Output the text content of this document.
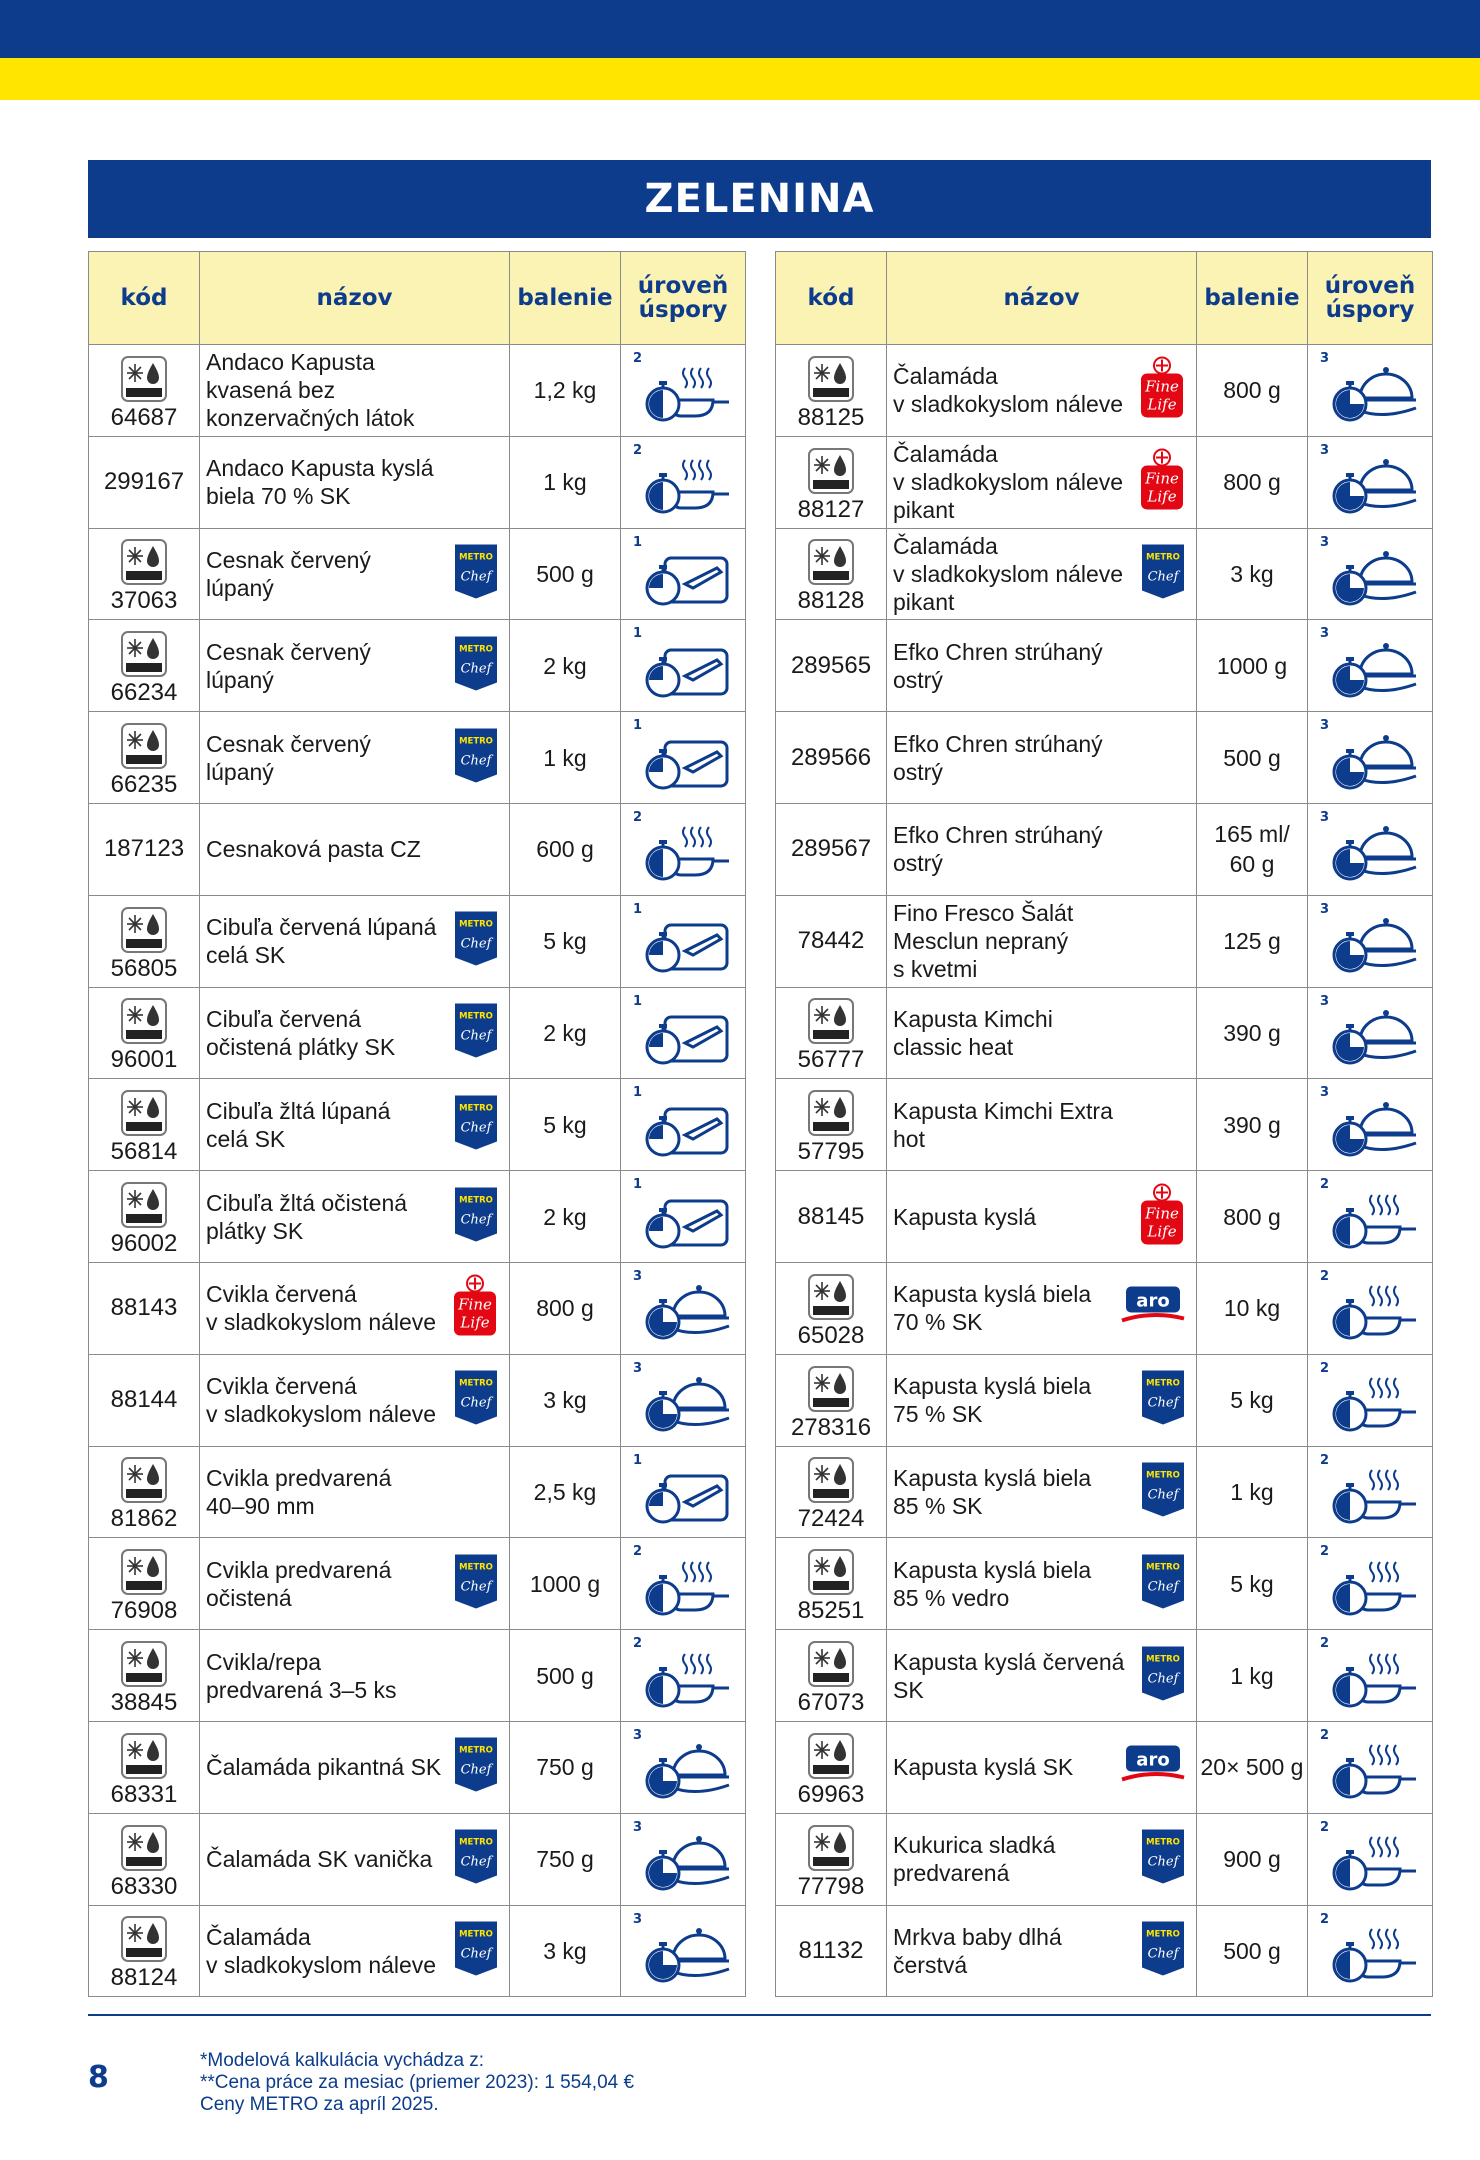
ZELENINA
kód	názov	balenie	úroveň
úspory

64687	Andaco Kapusta
kvasená bez
konzervačných látok	1,2 kg	2

299167	Andaco Kapusta kyslá
biela 70 % SK	1 kg	2

37063	Cesnak červený
lúpaný
METRO
Chef	500 g	1

66234	Cesnak červený
lúpaný
METRO
Chef	2 kg	1

66235	Cesnak červený
lúpaný
METRO
Chef	1 kg	1

187123	Cesnaková pasta CZ	600 g	2

56805	Cibuľa červená lúpaná
celá SK
METRO
Chef	5 kg	1

96001	Cibuľa červená
očistená plátky SK
METRO
Chef	2 kg	1

56814	Cibuľa žltá lúpaná
celá SK
METRO
Chef	5 kg	1

96002	Cibuľa žltá očistená
plátky SK
METRO
Chef	2 kg	1

88143	Cvikla červená
v sladkokyslom náleve
Fine
Life	800 g	3

88144	Cvikla červená
v sladkokyslom náleve
METRO
Chef	3 kg	3

81862	Cvikla predvarená
40–90 mm	2,5 kg	1

76908	Cvikla predvarená
očistená
METRO
Chef	1000 g	2

38845	Cvikla/repa
predvarená 3–5 ks	500 g	2

68331	Čalamáda pikantná SK
METRO
Chef	750 g	3

68330	Čalamáda SK vanička
METRO
Chef	750 g	3

88124	Čalamáda
v sladkokyslom náleve
METRO
Chef	3 kg	3
kód	názov	balenie	úroveň
úspory

88125	Čalamáda
v sladkokyslom náleve
Fine
Life	800 g	3

88127	Čalamáda
v sladkokyslom náleve
pikant
Fine
Life	800 g	3

88128	Čalamáda
v sladkokyslom náleve
pikant
METRO
Chef	3 kg	3

289565	Efko Chren strúhaný
ostrý	1000 g	3

289566	Efko Chren strúhaný
ostrý	500 g	3

289567	Efko Chren strúhaný
ostrý	165 ml/
60 g	3

78442	Fino Fresco Šalát
Mesclun nepraný
s kvetmi	125 g	3

56777	Kapusta Kimchi
classic heat	390 g	3

57795	Kapusta Kimchi Extra
hot	390 g	3

88145	Kapusta kyslá Fine
Life	800 g	2

65028	Kapusta kyslá biela
70 % SK
aro	10 kg	2

278316	Kapusta kyslá biela
75 % SK
METRO
Chef	5 kg	2

72424	Kapusta kyslá biela
85 % SK
METRO
Chef	1 kg	2

85251	Kapusta kyslá biela
85 % vedro
METRO
Chef	5 kg	2

67073	Kapusta kyslá červená
SK
METRO
Chef	1 kg	2

69963	Kapusta kyslá SK aro	20× 500 g	2

77798	Kukurica sladká
predvarená
METRO
Chef	900 g	2

81132	Mrkva baby dlhá
čerstvá
METRO
Chef	500 g	2
8	*Modelová kalkulácia vychádza z:
**Cena práce za mesiac (priemer 2023): 1 554,04 €
Ceny METRO za apríl 2025.
